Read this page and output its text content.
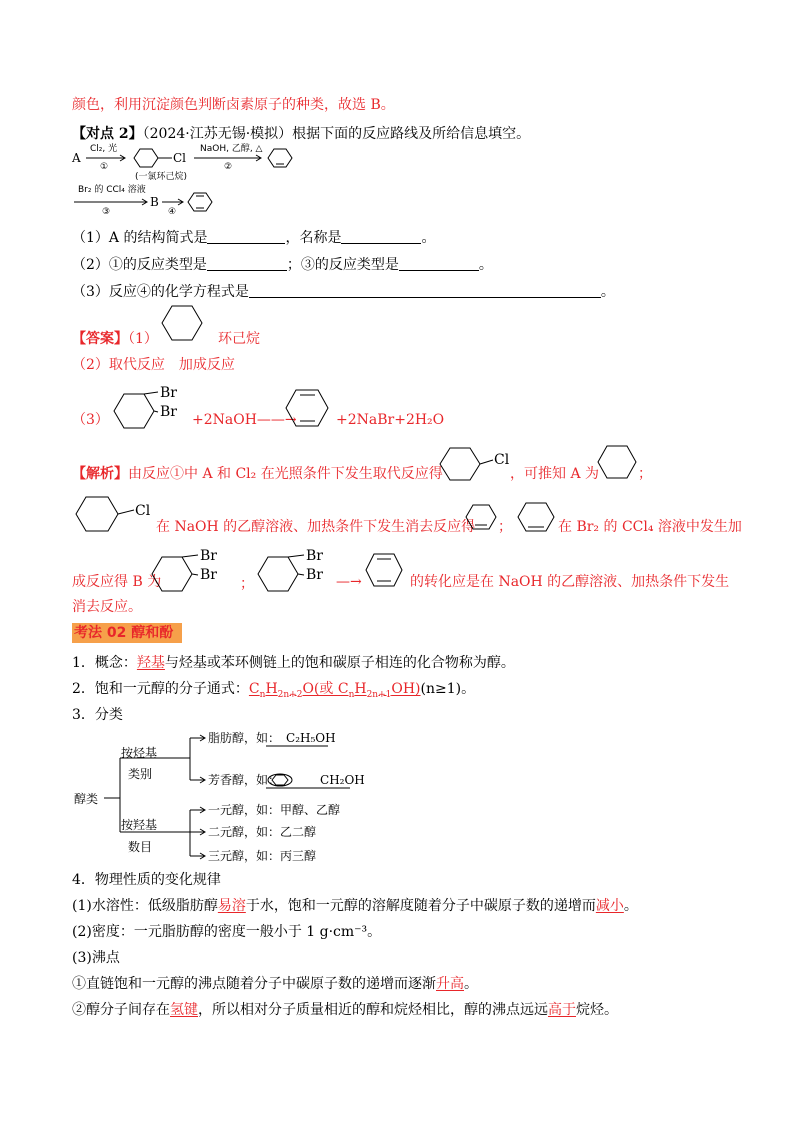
颜色，利用沉淀颜色判断卤素原子的种类，故选 B。
【对点 2】（2024·江苏无锡·模拟）根据下面的反应路线及所给信息填空。
A
Cl₂, 光
①
Cl
(一氯环己烷)
NaOH, 乙醇, △
②
Br₂ 的 CCl₄ 溶液
③
B
④
（1）A 的结构简式是	，名称是	。
（2）①的反应类型是	；③的反应类型是	。
（3）反应④的化学方程式是	。
【答案】（1）	环己烷
（2）取代反应　加成反应
（3）
Br
Br +2NaOH——→	+2NaBr+2H₂O
【解析】由反应①中 A 和 Cl₂ 在光照条件下发生取代反应得
Cl
，可推知 A 为	；
Cl
在 NaOH 的乙醇溶液、加热条件下发生消去反应得 ；	在 Br₂ 的 CCl₄ 溶液中发生加
成反应得 B 为
Br
Br
；
Br
Br —→	的转化应是在 NaOH 的乙醇溶液、加热条件下发生
消去反应。
考法 02 醇和酚
1．概念：羟基与烃基或苯环侧链上的饱和碳原子相连的化合物称为醇。
2．饱和一元醇的分子通式：$C_nH_{2n+2}O$(或 $C_nH_{2n+1}OH)(n\ge 1)$。
3．分类
醇类
按烃基
类别
脂肪醇，如： C₂H₅OH
芳香醇，如：	CH₂OH
按羟基
数目
一元醇，如：甲醇、乙醇
二元醇，如：乙二醇
三元醇，如：丙三醇
4．物理性质的变化规律
(1)水溶性：低级脂肪醇易溶于水，饱和一元醇的溶解度随着分子中碳原子数的递增而减小。
(2)密度：一元脂肪醇的密度一般小于 1 g·cm⁻³。
(3)沸点
①直链饱和一元醇的沸点随着分子中碳原子数的递增而逐渐升高。
②醇分子间存在氢键，所以相对分子质量相近的醇和烷烃相比，醇的沸点远远高于烷烃。
